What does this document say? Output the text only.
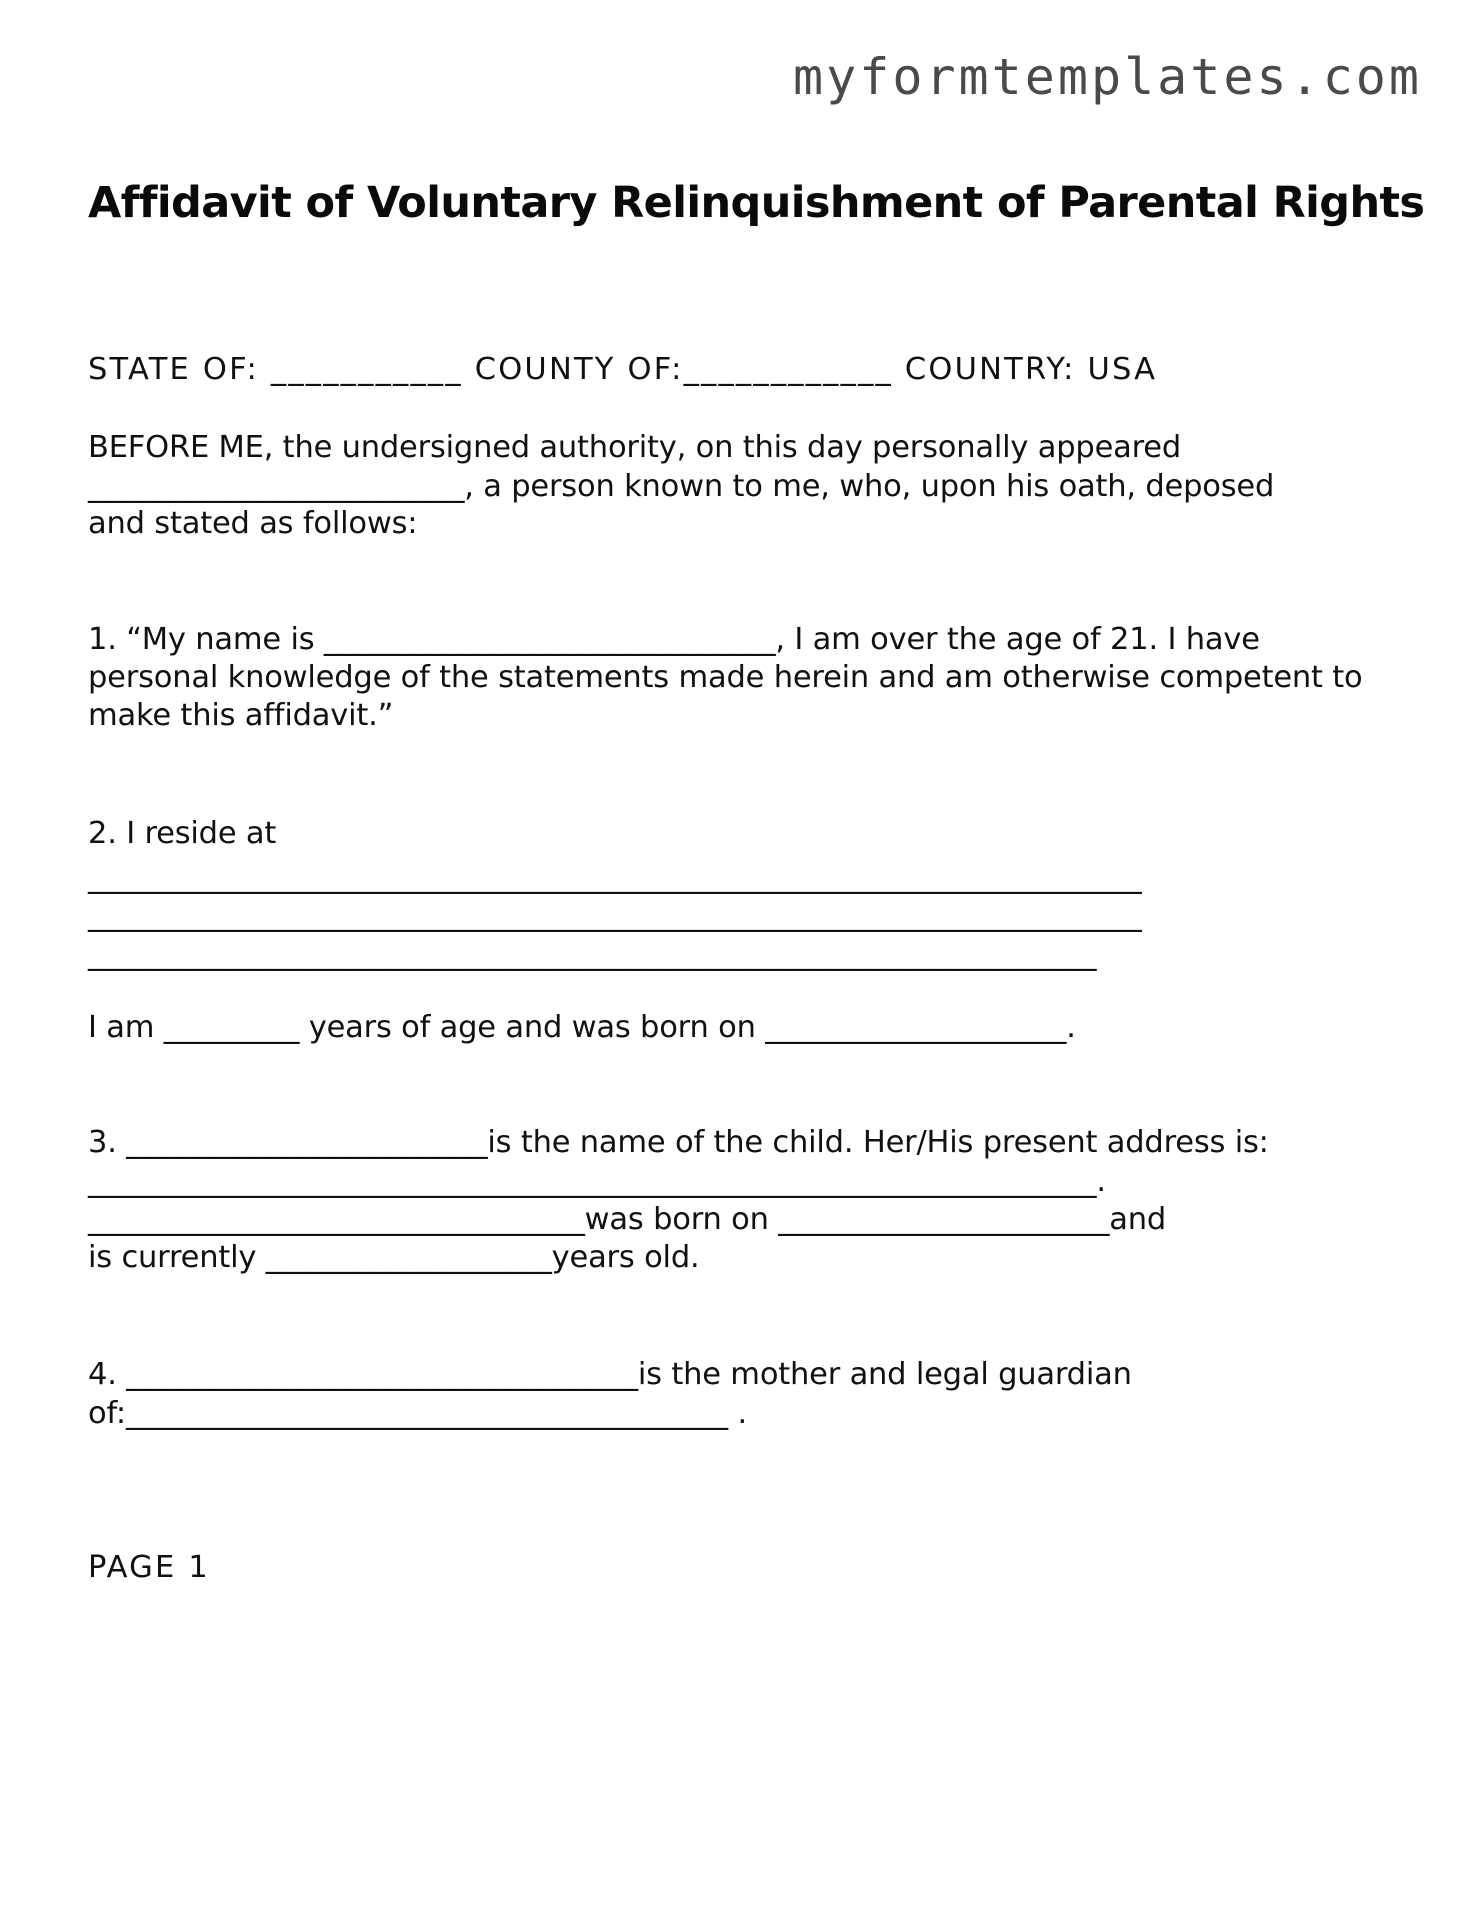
myformtemplates.com
Affidavit of Voluntary Relinquishment of Parental Rights
STATE OF: ___________ COUNTY OF:____________ COUNTRY: USA
BEFORE ME, the undersigned authority, on this day personally appeared
_________________________, a person known to me, who, upon his oath, deposed
and stated as follows:
1. “My name is ______________________________, I am over the age of 21. I have
personal knowledge of the statements made herein and am otherwise competent to
make this affidavit.”
2. I reside at
______________________________________________________________________
______________________________________________________________________
___________________________________________________________________
I am _________ years of age and was born on ____________________.
3. ________________________is the name of the child. Her/His present address is:
___________________________________________________________________.
_________________________________was born on ______________________and
is currently ___________________years old.
4. __________________________________is the mother and legal guardian
of:________________________________________ .
PAGE 1
